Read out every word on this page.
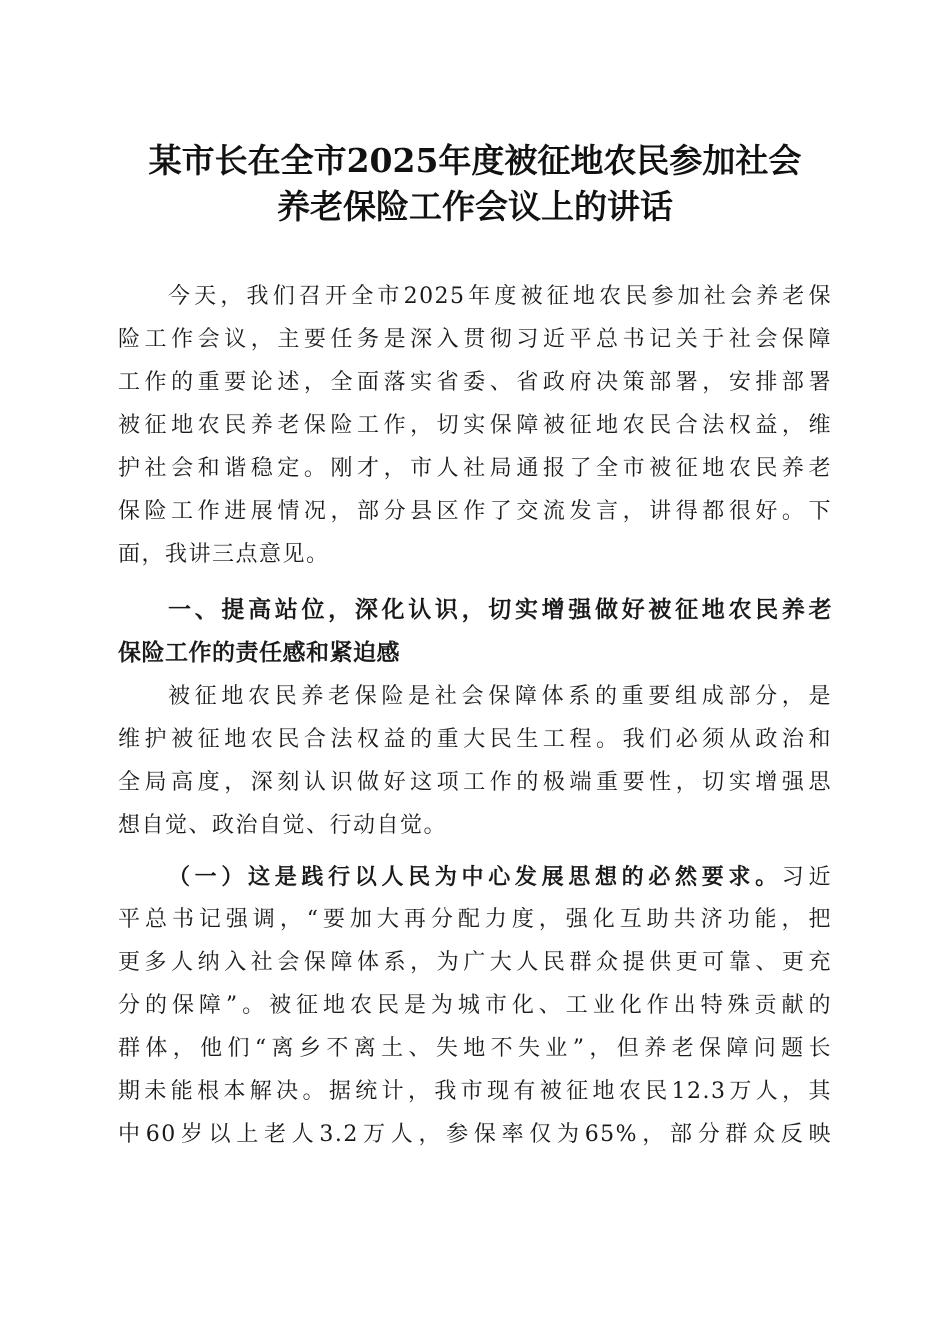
某市长在全市2025年度被征地农民参加社会
养老保险工作会议上的讲话
今天，我们召开全市2025年度被征地农民参加社会养老保
险工作会议，主要任务是深入贯彻习近平总书记关于社会保障
工作的重要论述，全面落实省委、省政府决策部署，安排部署
被征地农民养老保险工作，切实保障被征地农民合法权益，维
护社会和谐稳定。刚才，市人社局通报了全市被征地农民养老
保险工作进展情况，部分县区作了交流发言，讲得都很好。下
面，我讲三点意见。
一、提高站位，深化认识，切实增强做好被征地农民养老
保险工作的责任感和紧迫感
被征地农民养老保险是社会保障体系的重要组成部分，是
维护被征地农民合法权益的重大民生工程。我们必须从政治和
全局高度，深刻认识做好这项工作的极端重要性，切实增强思
想自觉、政治自觉、行动自觉。
（一）这是践行以人民为中心发展思想的必然要求。习近
平总书记强调，“要加大再分配力度，强化互助共济功能，把
更多人纳入社会保障体系，为广大人民群众提供更可靠、更充
分的保障”。被征地农民是为城市化、工业化作出特殊贡献的
群体，他们“离乡不离土、失地不失业”，但养老保障问题长
期未能根本解决。据统计，我市现有被征地农民12.3万人，其
中60岁以上老人3.2万人，参保率仅为65%，部分群众反映
